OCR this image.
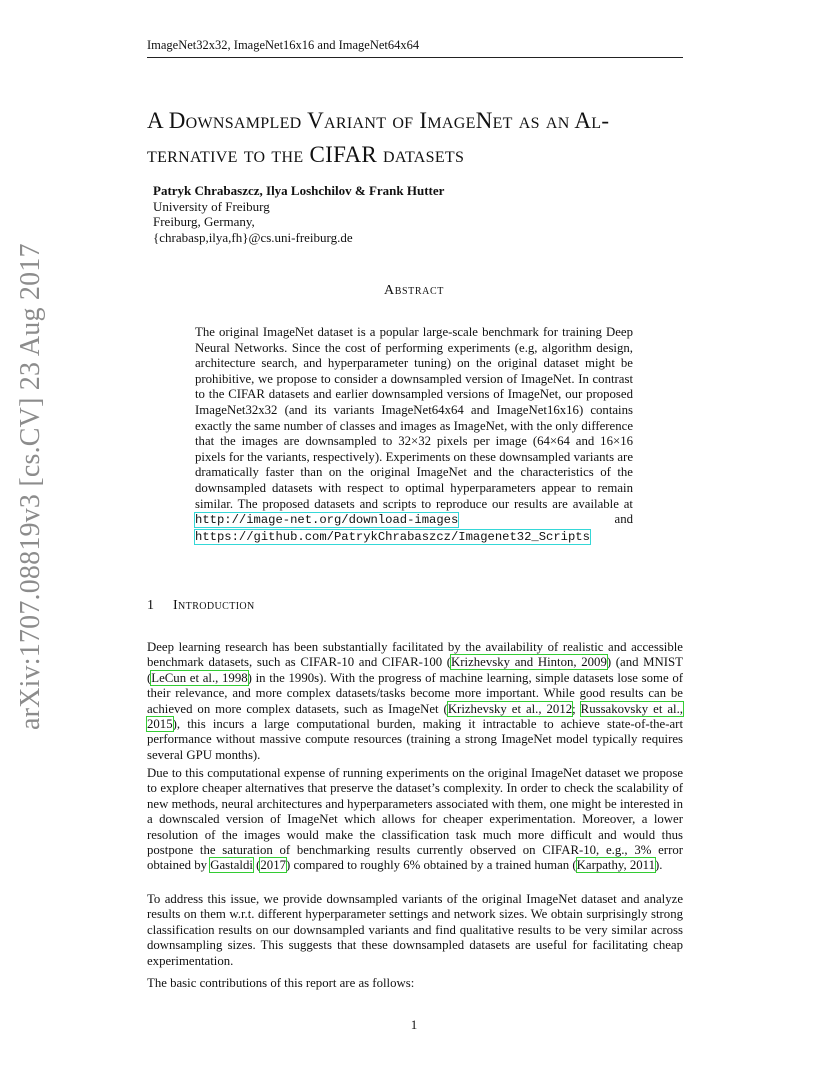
ImageNet32x32, ImageNet16x16 and ImageNet64x64
arXiv:1707.08819v3 [cs.CV] 23 Aug 2017
A Downsampled Variant of ImageNet as an Al-
ternative to the CIFAR datasets
Patryk Chrabaszcz, Ilya Loshchilov & Frank Hutter
University of Freiburg
Freiburg, Germany,
{chrabasp,ilya,fh}@cs.uni-freiburg.de
Abstract
The original ImageNet dataset is a popular large-scale benchmark for training Deep Neural Networks. Since the cost of performing experiments (e.g, algorithm design, architecture search, and hyperparameter tuning) on the original dataset might be prohibitive, we propose to consider a downsampled version of ImageNet. In contrast to the CIFAR datasets and earlier downsampled versions of ImageNet, our proposed ImageNet32x32 (and its variants ImageNet64x64 and ImageNet16x16) contains exactly the same number of classes and images as ImageNet, with the only difference that the images are downsampled to 32×32 pixels per image (64×64 and 16×16 pixels for the variants, respectively). Experiments on these downsampled variants are dramatically faster than on the original ImageNet and the characteristics of the downsampled datasets with respect to optimal hyperparameters appear to remain similar. The proposed datasets and scripts to reproduce our results are available at http://image-net.org/download-images	and https://github.com/PatrykChrabaszcz/Imagenet32_Scripts
1 Introduction

Deep learning research has been substantially facilitated by the availability of realistic and accessible benchmark datasets, such as CIFAR-10 and CIFAR-100 (Krizhevsky and Hinton, 2009) (and MNIST (LeCun et al., 1998) in the 1990s). With the progress of machine learning, simple datasets lose some of their relevance, and more complex datasets/tasks become more important. While good results can be achieved on more complex datasets, such as ImageNet (Krizhevsky et al., 2012; Russakovsky et al., 2015), this incurs a large computational burden, making it intractable to achieve state-of-the-art performance without massive compute resources (training a strong ImageNet model typically requires several GPU months).

Due to this computational expense of running experiments on the original ImageNet dataset we propose to explore cheaper alternatives that preserve the dataset’s complexity. In order to check the scalability of new methods, neural architectures and hyperparameters associated with them, one might be interested in a downscaled version of ImageNet which allows for cheaper experimentation. Moreover, a lower resolution of the images would make the classification task much more difficult and would thus postpone the saturation of benchmarking results currently observed on CIFAR-10, e.g., 3% error obtained by Gastaldi (2017) compared to roughly 6% obtained by a trained human (Karpathy, 2011).

To address this issue, we provide downsampled variants of the original ImageNet dataset and analyze results on them w.r.t. different hyperparameter settings and network sizes. We obtain surprisingly strong classification results on our downsampled variants and find qualitative results to be very similar across downsampling sizes. This suggests that these downsampled datasets are useful for facilitating cheap experimentation.

The basic contributions of this report are as follows:

1
